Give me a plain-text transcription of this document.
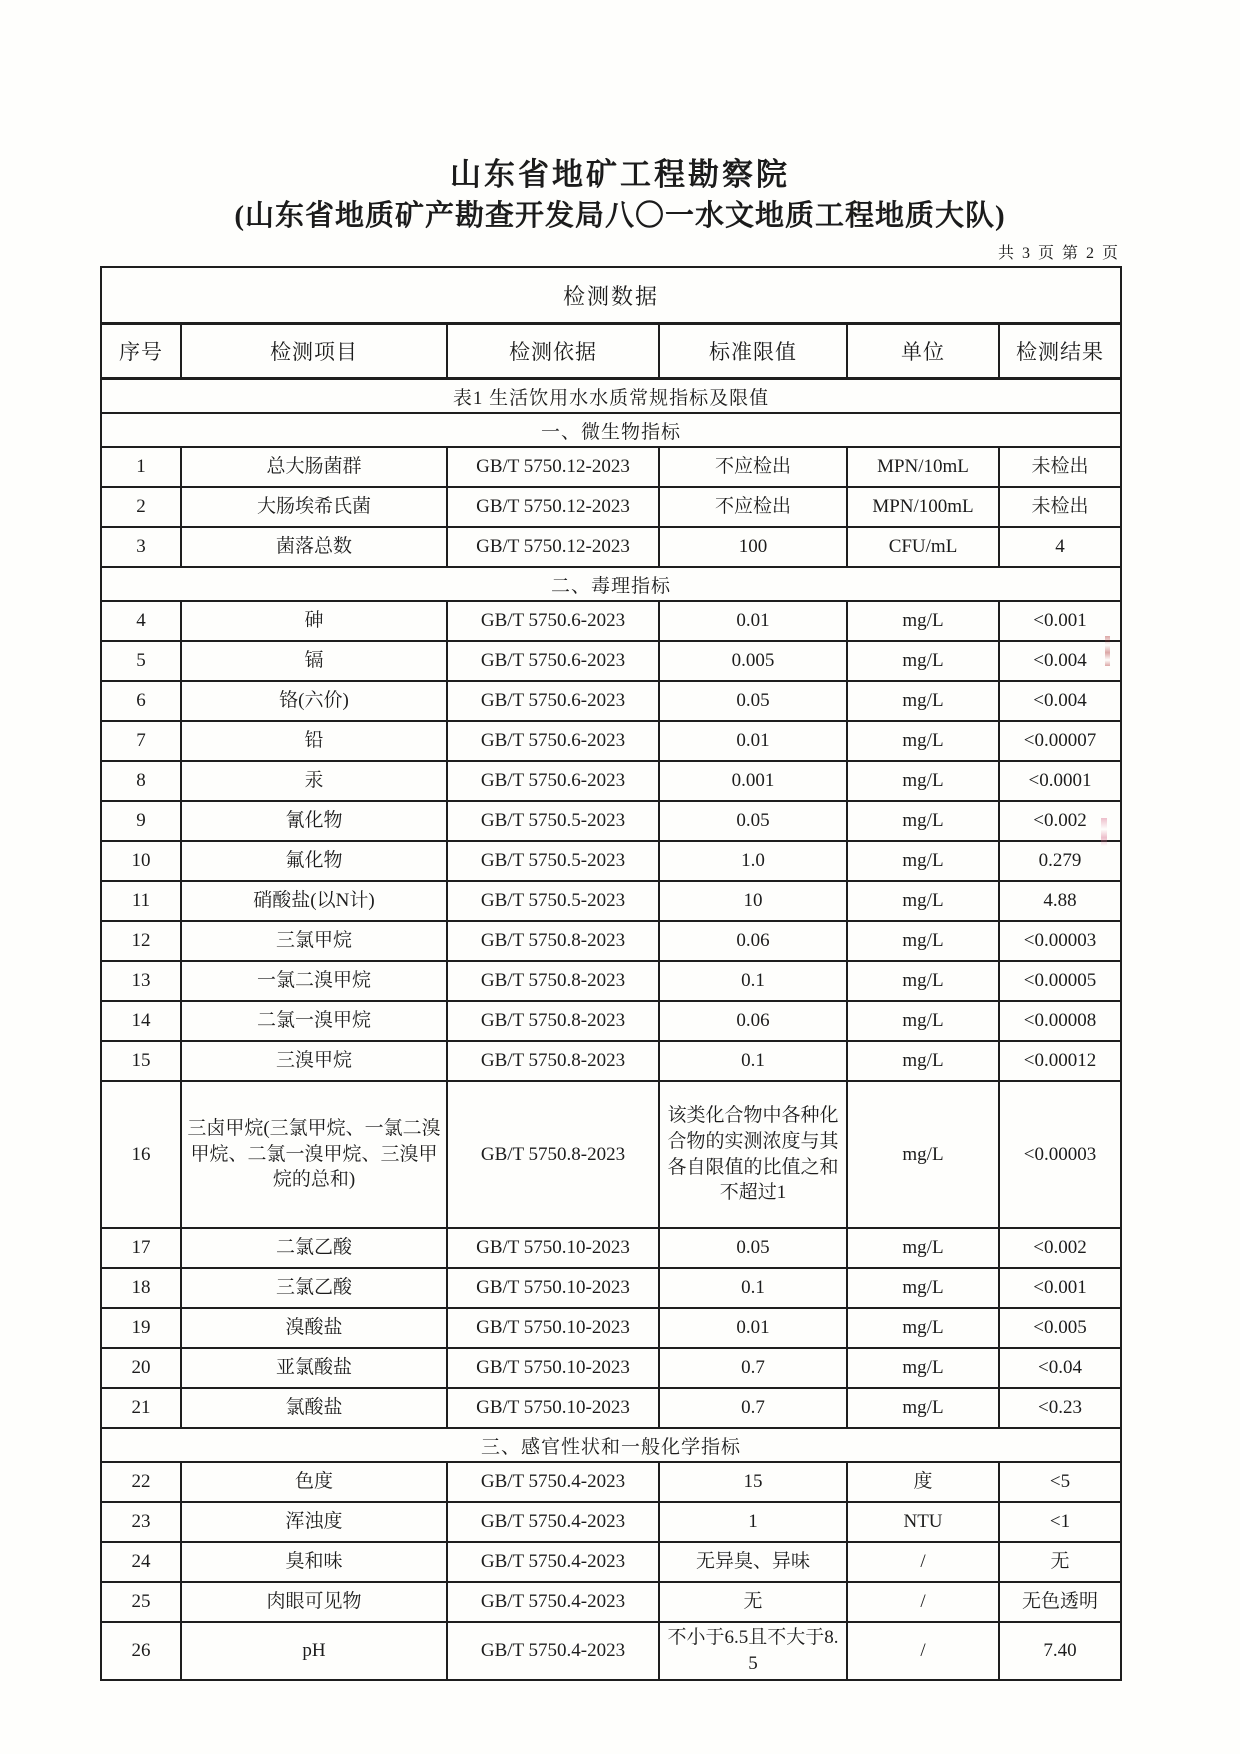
山东省地矿工程勘察院
(山东省地质矿产勘查开发局八〇一水文地质工程地质大队)
共 3 页 第 2 页
检测数据					
序号	检测项目	检测依据	标准限值	单位	检测结果
表1 生活饮用水水质常规指标及限值					
一、微生物指标					
1	总大肠菌群	GB/T 5750.12-2023	不应检出	MPN/10mL	未检出
2	大肠埃希氏菌	GB/T 5750.12-2023	不应检出	MPN/100mL	未检出
3	菌落总数	GB/T 5750.12-2023	100	CFU/mL	4
二、毒理指标					
4	砷	GB/T 5750.6-2023	0.01	mg/L	<0.001
5	镉	GB/T 5750.6-2023	0.005	mg/L	<0.004
6	铬(六价)	GB/T 5750.6-2023	0.05	mg/L	<0.004
7	铅	GB/T 5750.6-2023	0.01	mg/L	<0.00007
8	汞	GB/T 5750.6-2023	0.001	mg/L	<0.0001
9	氰化物	GB/T 5750.5-2023	0.05	mg/L	<0.002
10	氟化物	GB/T 5750.5-2023	1.0	mg/L	0.279
11	硝酸盐(以N计)	GB/T 5750.5-2023	10	mg/L	4.88
12	三氯甲烷	GB/T 5750.8-2023	0.06	mg/L	<0.00003
13	一氯二溴甲烷	GB/T 5750.8-2023	0.1	mg/L	<0.00005
14	二氯一溴甲烷	GB/T 5750.8-2023	0.06	mg/L	<0.00008
15	三溴甲烷	GB/T 5750.8-2023	0.1	mg/L	<0.00012
16	三卤甲烷(三氯甲烷、一氯二溴甲烷、二氯一溴甲烷、三溴甲烷的总和)	GB/T 5750.8-2023	该类化合物中各种化合物的实测浓度与其各自限值的比值之和不超过1	mg/L	<0.00003
17	二氯乙酸	GB/T 5750.10-2023	0.05	mg/L	<0.002
18	三氯乙酸	GB/T 5750.10-2023	0.1	mg/L	<0.001
19	溴酸盐	GB/T 5750.10-2023	0.01	mg/L	<0.005
20	亚氯酸盐	GB/T 5750.10-2023	0.7	mg/L	<0.04
21	氯酸盐	GB/T 5750.10-2023	0.7	mg/L	<0.23
三、感官性状和一般化学指标					
22	色度	GB/T 5750.4-2023	15	度	<5
23	浑浊度	GB/T 5750.4-2023	1	NTU	<1
24	臭和味	GB/T 5750.4-2023	无异臭、异味	/	无
25	肉眼可见物	GB/T 5750.4-2023	无	/	无色透明
26	pH	GB/T 5750.4-2023	不小于6.5且不大于8.5	/	7.40
